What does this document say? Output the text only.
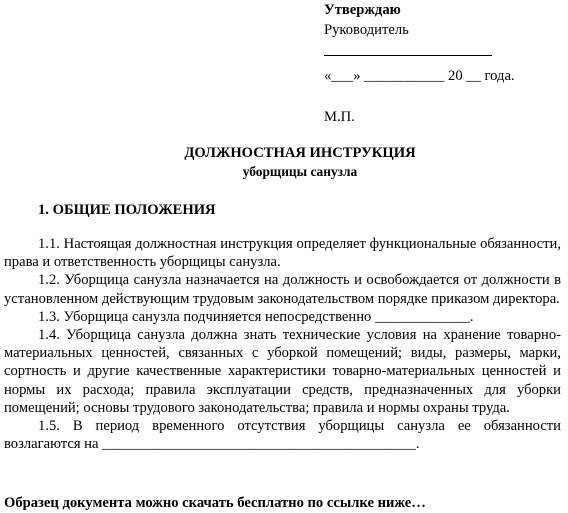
Утверждаю
Руководитель
«___» ___________ 20 __ года.
М.П.
ДОЛЖНОСТНАЯ ИНСТРУКЦИЯ
уборщицы санузла
1. ОБЩИЕ ПОЛОЖЕНИЯ

1.1. Настоящая должностная инструкция определяет функциональные обязанности, права и ответственность уборщицы санузла.

1.2. Уборщица санузла назначается на должность и освобождается от должности в установленном действующим трудовым законодательством порядке приказом директора.

1.3. Уборщица санузла подчиняется непосредственно _____________.

1.4. Уборщица санузла должна знать технические условия на хранение товарно-материальных ценностей, связанных с уборкой помещений; виды, размеры, марки, сортность и другие качественные характеристики товарно-материальных ценностей и нормы их расхода; правила эксплуатации средств, предназначенных для уборки помещений; основы трудового законодательства; правила и нормы охраны труда.

1.5. В период временного отсутствия уборщицы санузла ее обязанности возлагаются на ___________________________________________.

Образец документа можно скачать бесплатно по ссылке ниже…
